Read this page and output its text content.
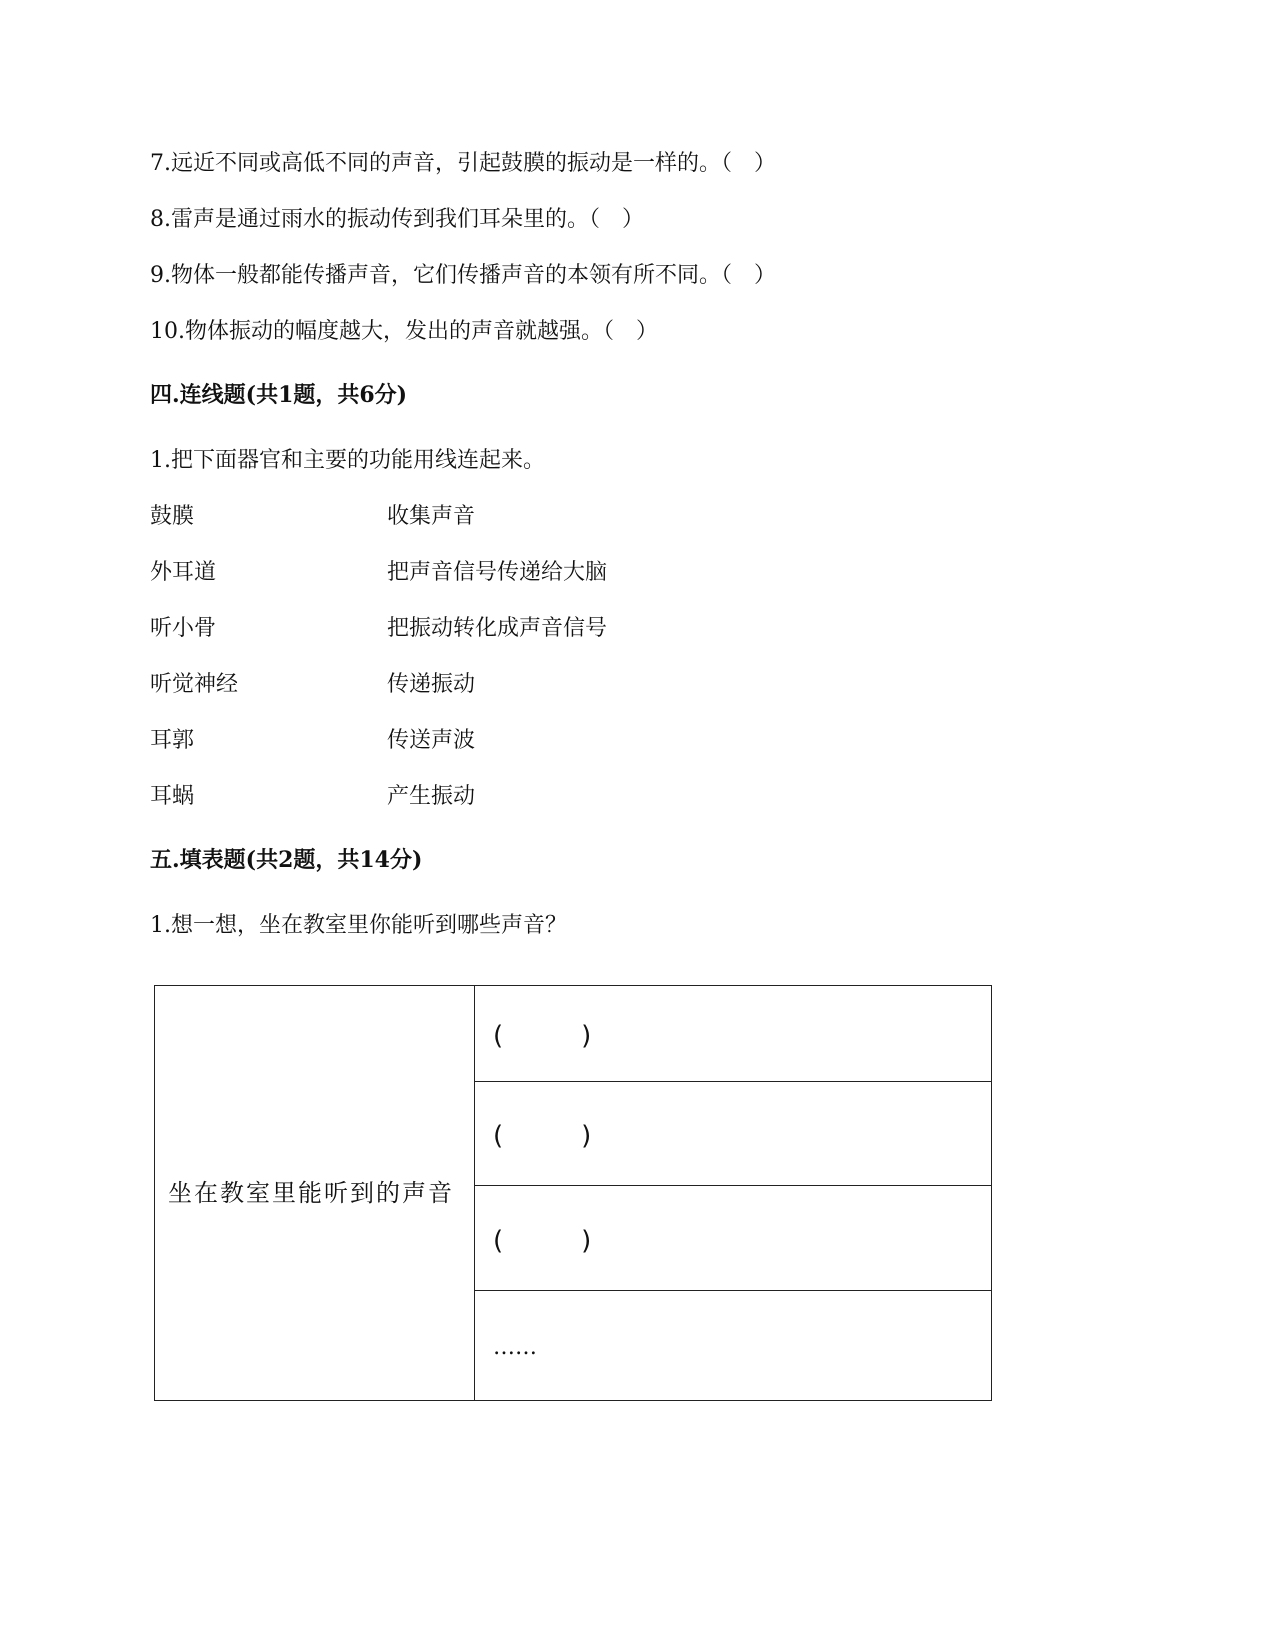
7.远近不同或高低不同的声音，引起鼓膜的振动是一样的。（　）
8.雷声是通过雨水的振动传到我们耳朵里的。（　）
9.物体一般都能传播声音，它们传播声音的本领有所不同。（　）
10.物体振动的幅度越大，发出的声音就越强。（　）
四.连线题(共1题，共6分)
1.把下面器官和主要的功能用线连起来。
鼓膜	收集声音
外耳道	把声音信号传递给大脑
听小骨	把振动转化成声音信号
听觉神经	传递振动
耳郭	传送声波
耳蜗	产生振动
五.填表题(共2题，共14分)
1.想一想，坐在教室里你能听到哪些声音？
坐在教室里能听到的声音	(　　　)
(　　　)
(　　　)
……
